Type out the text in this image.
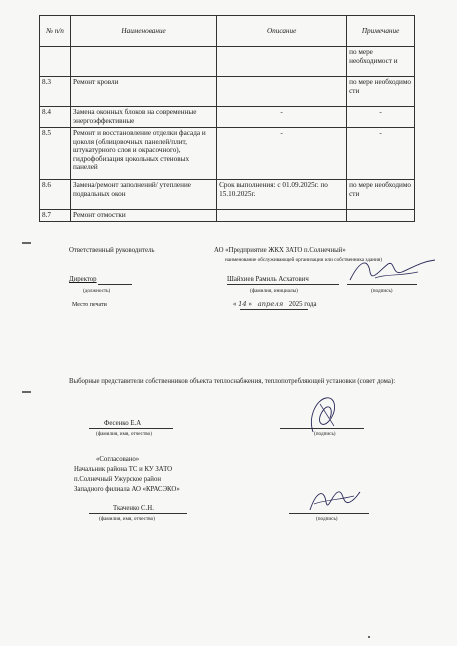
№ п/п	Наименование	Описание	Примечание
			по мере необходимост и
8.3	Ремонт кровли		по мере необходимо сти
8.4	Замена оконных блоков на современные энергоэффективные	-	-
8.5	Ремонт и восстановление отделки фасада и цоколя (облицовочных панелей/плит, штукатурного слоя и окрасочного), гидрофобизация цокольных стеновых панелей	-	-
8.6	Замена/ремонт заполнений/ утепление подвальных окон	Срок выполнения: с 01.09.2025г. по 15.10.2025г.	по мере необходимо сти
8.7	Ремонт отмостки		
Ответственный руководитель	АО «Предприятие ЖКХ ЗАТО п.Солнечный»
наименование обслуживающей организации или собственника здания)
Директор
(должность)
Шайхиев Рамиль Асхатович
(фамилия, инициалы)	(подпись)
Место печати	« 14 » апреля 2025 года
Выборные представители собственников объекта теплоснабжения, теплопотребляющей установки (совет дома):
Фесенко Е.А
(фамилия, имя, отчество)	(подпись)
«Согласовано»
Начальник района ТС и КУ ЗАТО
п.Солнечный Ужурское район
Западного филиала АО «КРАСЭКО»
Ткаченко С.Н.
(фамилия, имя, отчество)	(подпись)
